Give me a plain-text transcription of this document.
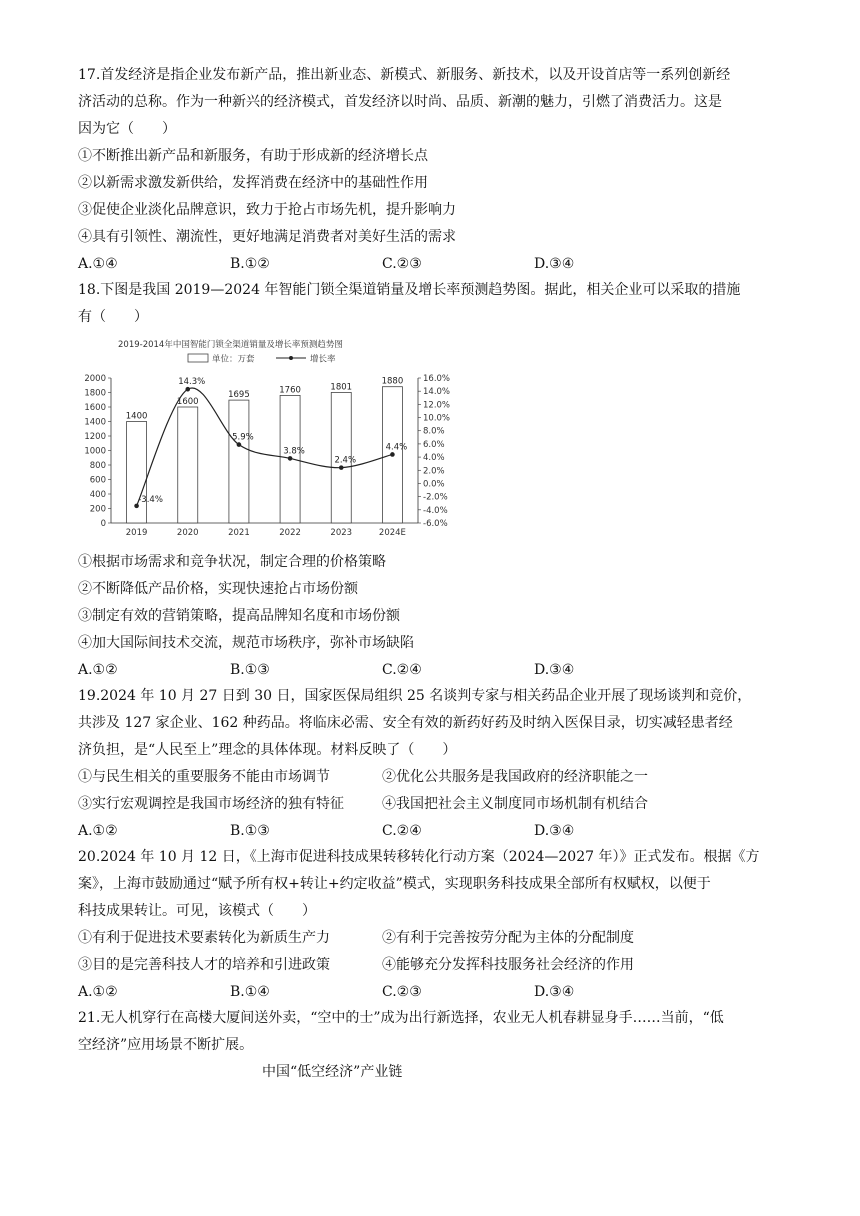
17.首发经济是指企业发布新产品，推出新业态、新模式、新服务、新技术，以及开设首店等一系列创新经
济活动的总称。作为一种新兴的经济模式，首发经济以时尚、品质、新潮的魅力，引燃了消费活力。这是
因为它（　　）
①不断推出新产品和新服务，有助于形成新的经济增长点
②以新需求激发新供给，发挥消费在经济中的基础性作用
③促使企业淡化品牌意识，致力于抢占市场先机，提升影响力
④具有引领性、潮流性，更好地满足消费者对美好生活的需求
A.①④	B.①②	C.②③	D.③④
18.下图是我国 2019—2024 年智能门锁全渠道销量及增长率预测趋势图。据此，相关企业可以采取的措施
有（　　）
2019-2014年中国智能门锁全渠道销量及增长率预测趋势图
单位：万套	增长率
2000
1800
1600
1400
1200
1000
800
600
400
200
0
16.0%
14.0%
12.0%
10.0%
8.0%
6.0%
4.0%
2.0%
0.0%
-2.0%
-4.0%
-6.0%
1400
2019
1600
2020
1695
2021
1760
2022
1801
2023
1880
2024E
-3.4%
14.3%
5.9%
3.8%
2.4%
4.4%
①根据市场需求和竞争状况，制定合理的价格策略
②不断降低产品价格，实现快速抢占市场份额
③制定有效的营销策略，提高品牌知名度和市场份额
④加大国际间技术交流，规范市场秩序，弥补市场缺陷
A.①②	B.①③	C.②④	D.③④
19.2024 年 10 月 27 日到 30 日，国家医保局组织 25 名谈判专家与相关药品企业开展了现场谈判和竞价，
共涉及 127 家企业、162 种药品。将临床必需、安全有效的新药好药及时纳入医保目录，切实减轻患者经
济负担，是“人民至上”理念的具体体现。材料反映了（　　）
①与民生相关的重要服务不能由市场调节	②优化公共服务是我国政府的经济职能之一
③实行宏观调控是我国市场经济的独有特征	④我国把社会主义制度同市场机制有机结合
A.①②	B.①③	C.②④	D.③④
20.2024 年 10 月 12 日，《上海市促进科技成果转移转化行动方案（2024—2027 年）》正式发布。根据《方
案》，上海市鼓励通过“赋予所有权+转让+约定收益”模式，实现职务科技成果全部所有权赋权，以便于
科技成果转让。可见，该模式（　　）
①有利于促进技术要素转化为新质生产力	②有利于完善按劳分配为主体的分配制度
③目的是完善科技人才的培养和引进政策	④能够充分发挥科技服务社会经济的作用
A.①②	B.①④	C.②③	D.③④
21.无人机穿行在高楼大厦间送外卖，“空中的士”成为出行新选择，农业无人机春耕显身手……当前，“低
空经济”应用场景不断扩展。
中国“低空经济”产业链
